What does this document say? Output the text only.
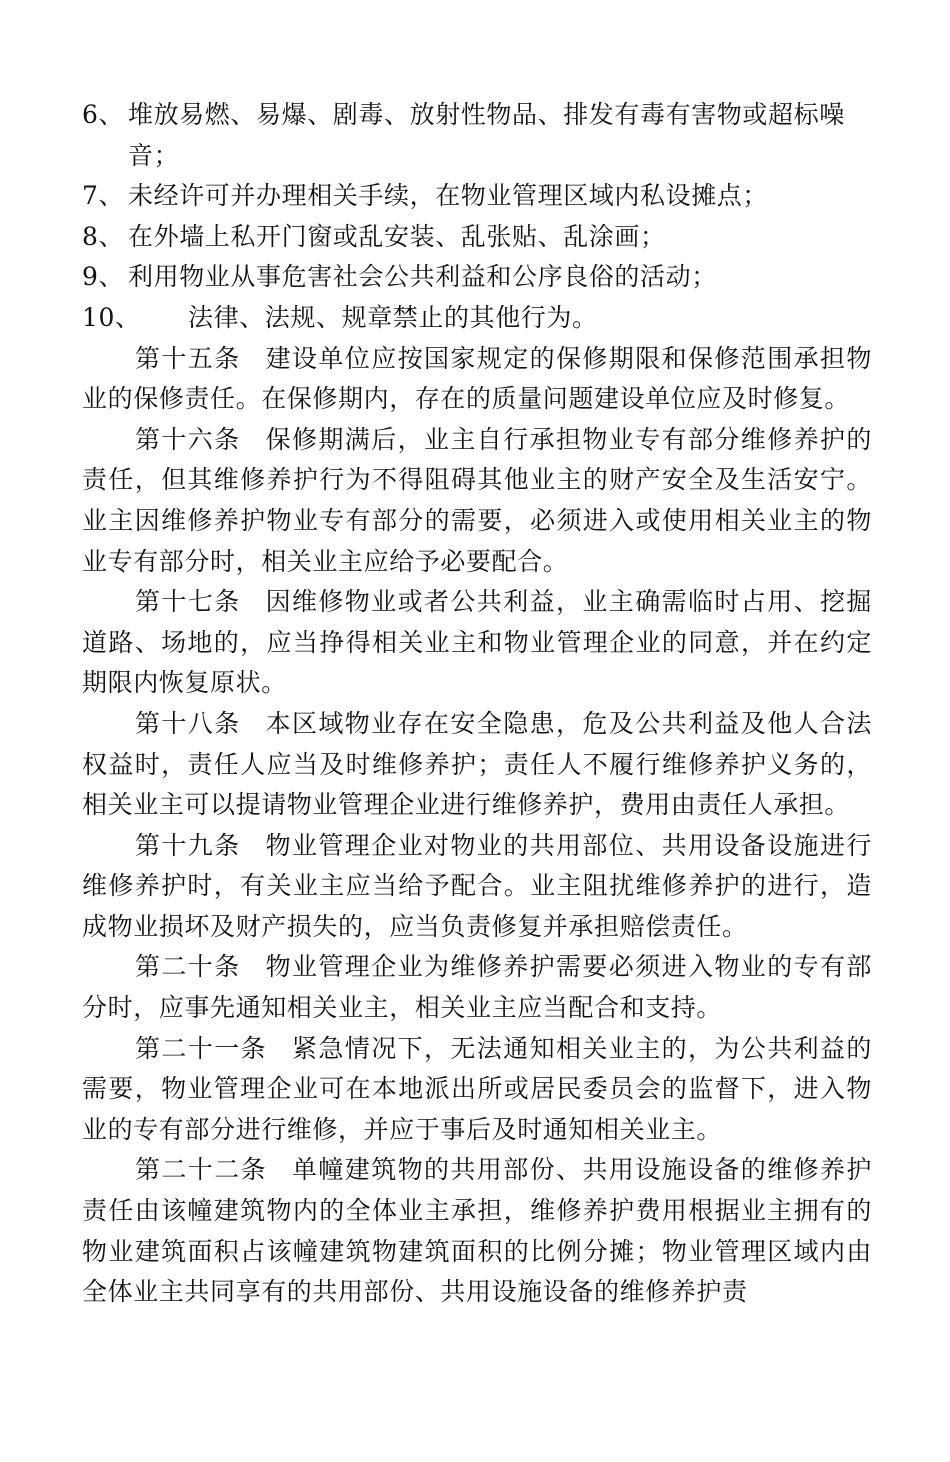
6、 堆放易燃、易爆、剧毒、放射性物品、排发有毒有害物或超标噪音；
7、 未经许可并办理相关手续，在物业管理区域内私设摊点；
8、 在外墙上私开门窗或乱安装、乱张贴、乱涂画；
9、 利用物业从事危害社会公共利益和公序良俗的活动；
10、	法律、法规、规章禁止的其他行为。

第十五条 建设单位应按国家规定的保修期限和保修范围承担物业的保修责任。在保修期内，存在的质量问题建设单位应及时修复。

第十六条 保修期满后，业主自行承担物业专有部分维修养护的责任，但其维修养护行为不得阻碍其他业主的财产安全及生活安宁。业主因维修养护物业专有部分的需要，必须进入或使用相关业主的物业专有部分时，相关业主应给予必要配合。

第十七条 因维修物业或者公共利益，业主确需临时占用、挖掘道路、场地的，应当挣得相关业主和物业管理企业的同意，并在约定期限内恢复原状。

第十八条 本区域物业存在安全隐患，危及公共利益及他人合法权益时，责任人应当及时维修养护；责任人不履行维修养护义务的，相关业主可以提请物业管理企业进行维修养护，费用由责任人承担。

第十九条 物业管理企业对物业的共用部位、共用设备设施进行维修养护时，有关业主应当给予配合。业主阻扰维修养护的进行，造成物业损坏及财产损失的，应当负责修复并承担赔偿责任。

第二十条 物业管理企业为维修养护需要必须进入物业的专有部分时，应事先通知相关业主，相关业主应当配合和支持。

第二十一条 紧急情况下，无法通知相关业主的，为公共利益的需要，物业管理企业可在本地派出所或居民委员会的监督下，进入物业的专有部分进行维修，并应于事后及时通知相关业主。

第二十二条 单幢建筑物的共用部份、共用设施设备的维修养护责任由该幢建筑物内的全体业主承担，维修养护费用根据业主拥有的物业建筑面积占该幢建筑物建筑面积的比例分摊；物业管理区域内由全体业主共同享有的共用部份、共用设施设备的维修养护责
